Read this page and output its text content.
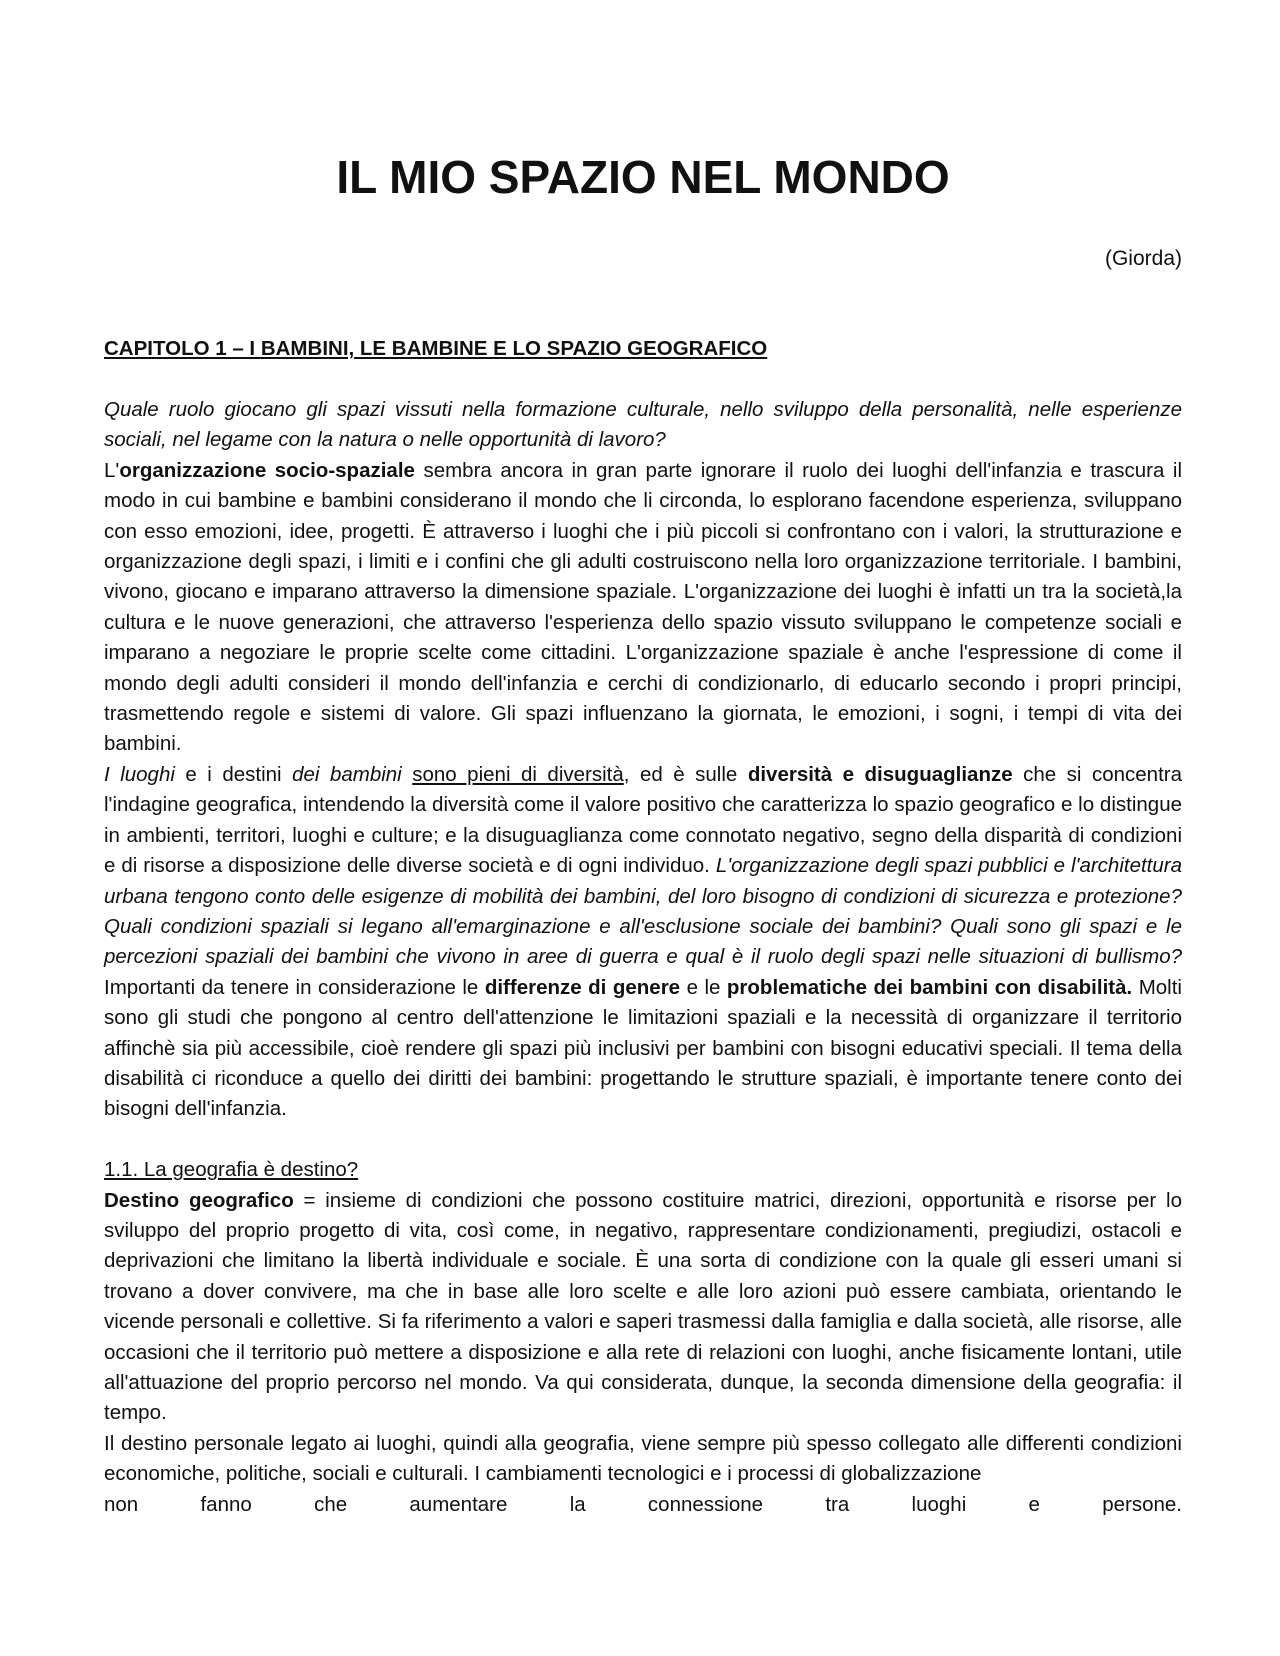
IL MIO SPAZIO NEL MONDO
(Giorda)
CAPITOLO 1 – I BAMBINI, LE BAMBINE E LO SPAZIO GEOGRAFICO

Quale ruolo giocano gli spazi vissuti nella formazione culturale, nello sviluppo della personalità, nelle esperienze sociali, nel legame con la natura o nelle opportunità di lavoro?

L'organizzazione socio-spaziale sembra ancora in gran parte ignorare il ruolo dei luoghi dell'infanzia e trascura il modo in cui bambine e bambini considerano il mondo che li circonda, lo esplorano facendone esperienza, sviluppano con esso emozioni, idee, progetti. È attraverso i luoghi che i più piccoli si confrontano con i valori, la strutturazione e organizzazione degli spazi, i limiti e i confini che gli adulti costruiscono nella loro organizzazione territoriale. I bambini, vivono, giocano e imparano attraverso la dimensione spaziale. L'organizzazione dei luoghi è infatti un tra la società,la cultura e le nuove generazioni, che attraverso l'esperienza dello spazio vissuto sviluppano le competenze sociali e imparano a negoziare le proprie scelte come cittadini. L'organizzazione spaziale è anche l'espressione di come il mondo degli adulti consideri il mondo dell'infanzia e cerchi di condizionarlo, di educarlo secondo i propri principi, trasmettendo regole e sistemi di valore. Gli spazi influenzano la giornata, le emozioni, i sogni, i tempi di vita dei bambini.

I luoghi e i destini dei bambini sono pieni di diversità, ed è sulle diversità e disuguaglianze che si concentra l'indagine geografica, intendendo la diversità come il valore positivo che caratterizza lo spazio geografico e lo distingue in ambienti, territori, luoghi e culture; e la disuguaglianza come connotato negativo, segno della disparità di condizioni e di risorse a disposizione delle diverse società e di ogni individuo. L'organizzazione degli spazi pubblici e l'architettura urbana tengono conto delle esigenze di mobilità dei bambini, del loro bisogno di condizioni di sicurezza e protezione? Quali condizioni spaziali si legano all'emarginazione e all'esclusione sociale dei bambini? Quali sono gli spazi e le percezioni spaziali dei bambini che vivono in aree di guerra e qual è il ruolo degli spazi nelle situazioni di bullismo? Importanti da tenere in considerazione le differenze di genere e le problematiche dei bambini con disabilità. Molti sono gli studi che pongono al centro dell'attenzione le limitazioni spaziali e la necessità di organizzare il territorio affinchè sia più accessibile, cioè rendere gli spazi più inclusivi per bambini con bisogni educativi speciali. Il tema della disabilità ci riconduce a quello dei diritti dei bambini: progettando le strutture spaziali, è importante tenere conto dei bisogni dell'infanzia.

1.1. La geografia è destino?

Destino geografico = insieme di condizioni che possono costituire matrici, direzioni, opportunità e risorse per lo sviluppo del proprio progetto di vita, così come, in negativo, rappresentare condizionamenti, pregiudizi, ostacoli e deprivazioni che limitano la libertà individuale e sociale. È una sorta di condizione con la quale gli esseri umani si trovano a dover convivere, ma che in base alle loro scelte e alle loro azioni può essere cambiata, orientando le vicende personali e collettive. Si fa riferimento a valori e saperi trasmessi dalla famiglia e dalla società, alle risorse, alle occasioni che il territorio può mettere a disposizione e alla rete di relazioni con luoghi, anche fisicamente lontani, utile all'attuazione del proprio percorso nel mondo. Va qui considerata, dunque, la seconda dimensione della geografia: il tempo.

Il destino personale legato ai luoghi, quindi alla geografia, viene sempre più spesso collegato alle differenti condizioni economiche, politiche, sociali e culturali. I cambiamenti tecnologici e i processi di globalizzazione

non fanno che aumentare la connessione tra luoghi e persone.
